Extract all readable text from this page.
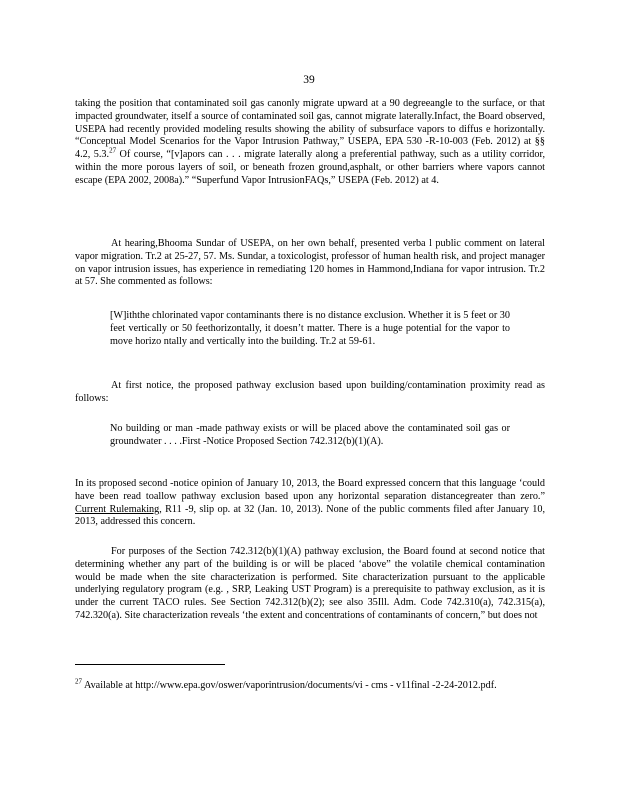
39

taking the position that contaminated soil gas canonly migrate upward at a 90 degreeangle to the surface, or that impacted groundwater, itself a source of contaminated soil gas, cannot migrate laterally.Infact, the Board observed, USEPA had recently provided modeling results showing the ability of subsurface vapors to diffus e horizontally. “Conceptual Model Scenarios for the Vapor Intrusion Pathway,” USEPA, EPA 530 -R-10-003 (Feb. 2012) at §§ 4.2, 5.3.27 Of course, “[v]apors can . . . migrate laterally along a preferential pathway, such as a utility corridor, within the more porous layers of soil, or beneath frozen ground,asphalt, or other barriers where vapors cannot escape (EPA 2002, 2008a).” “Superfund Vapor IntrusionFAQs,” USEPA (Feb. 2012) at 4.

At hearing,Bhooma Sundar of USEPA, on her own behalf, presented verba l public comment on lateral vapor migration. Tr.2 at 25-27, 57. Ms. Sundar, a toxicologist, professor of human health risk, and project manager on vapor intrusion issues, has experience in remediating 120 homes in Hammond,Indiana for vapor intrusion. Tr.2 at 57. She commented as follows:

[W]iththe chlorinated vapor contaminants there is no distance exclusion. Whether it is 5 feet or 30 feet vertically or 50 feethorizontally, it doesn’t matter. There is a huge potential for the vapor to move horizo ntally and vertically into the building. Tr.2 at 59-61.

At first notice, the proposed pathway exclusion based upon building/contamination proximity read as follows:

No building or man -made pathway exists or will be placed above the contaminated soil gas or groundwater . . . .First -Notice Proposed Section 742.312(b)(1)(A).

In its proposed second -notice opinion of January 10, 2013, the Board expressed concern that this language ‘could have been read toallow pathway exclusion based upon any horizontal separation distancegreater than zero.” Current Rulemaking, R11 -9, slip op. at 32 (Jan. 10, 2013). None of the public comments filed after January 10, 2013, addressed this concern.

For purposes of the Section 742.312(b)(1)(A) pathway exclusion, the Board found at second notice that determining whether any part of the building is or will be placed ‘above” the volatile chemical contamination would be made when the site characterization is performed. Site characterization pursuant to the applicable underlying regulatory program (e.g. , SRP, Leaking UST Program) is a prerequisite to pathway exclusion, as it is under the current TACO rules. See Section 742.312(b)(2); see also 35Ill. Adm. Code 742.310(a), 742.315(a), 742.320(a). Site characterization reveals ‘the extent and concentrations of contaminants of concern,” but does not

$^{27}$ Available at http://www.epa.gov/oswer/vaporintrusion/documents/vi - cms - v11final -2-24-2012.pdf.
